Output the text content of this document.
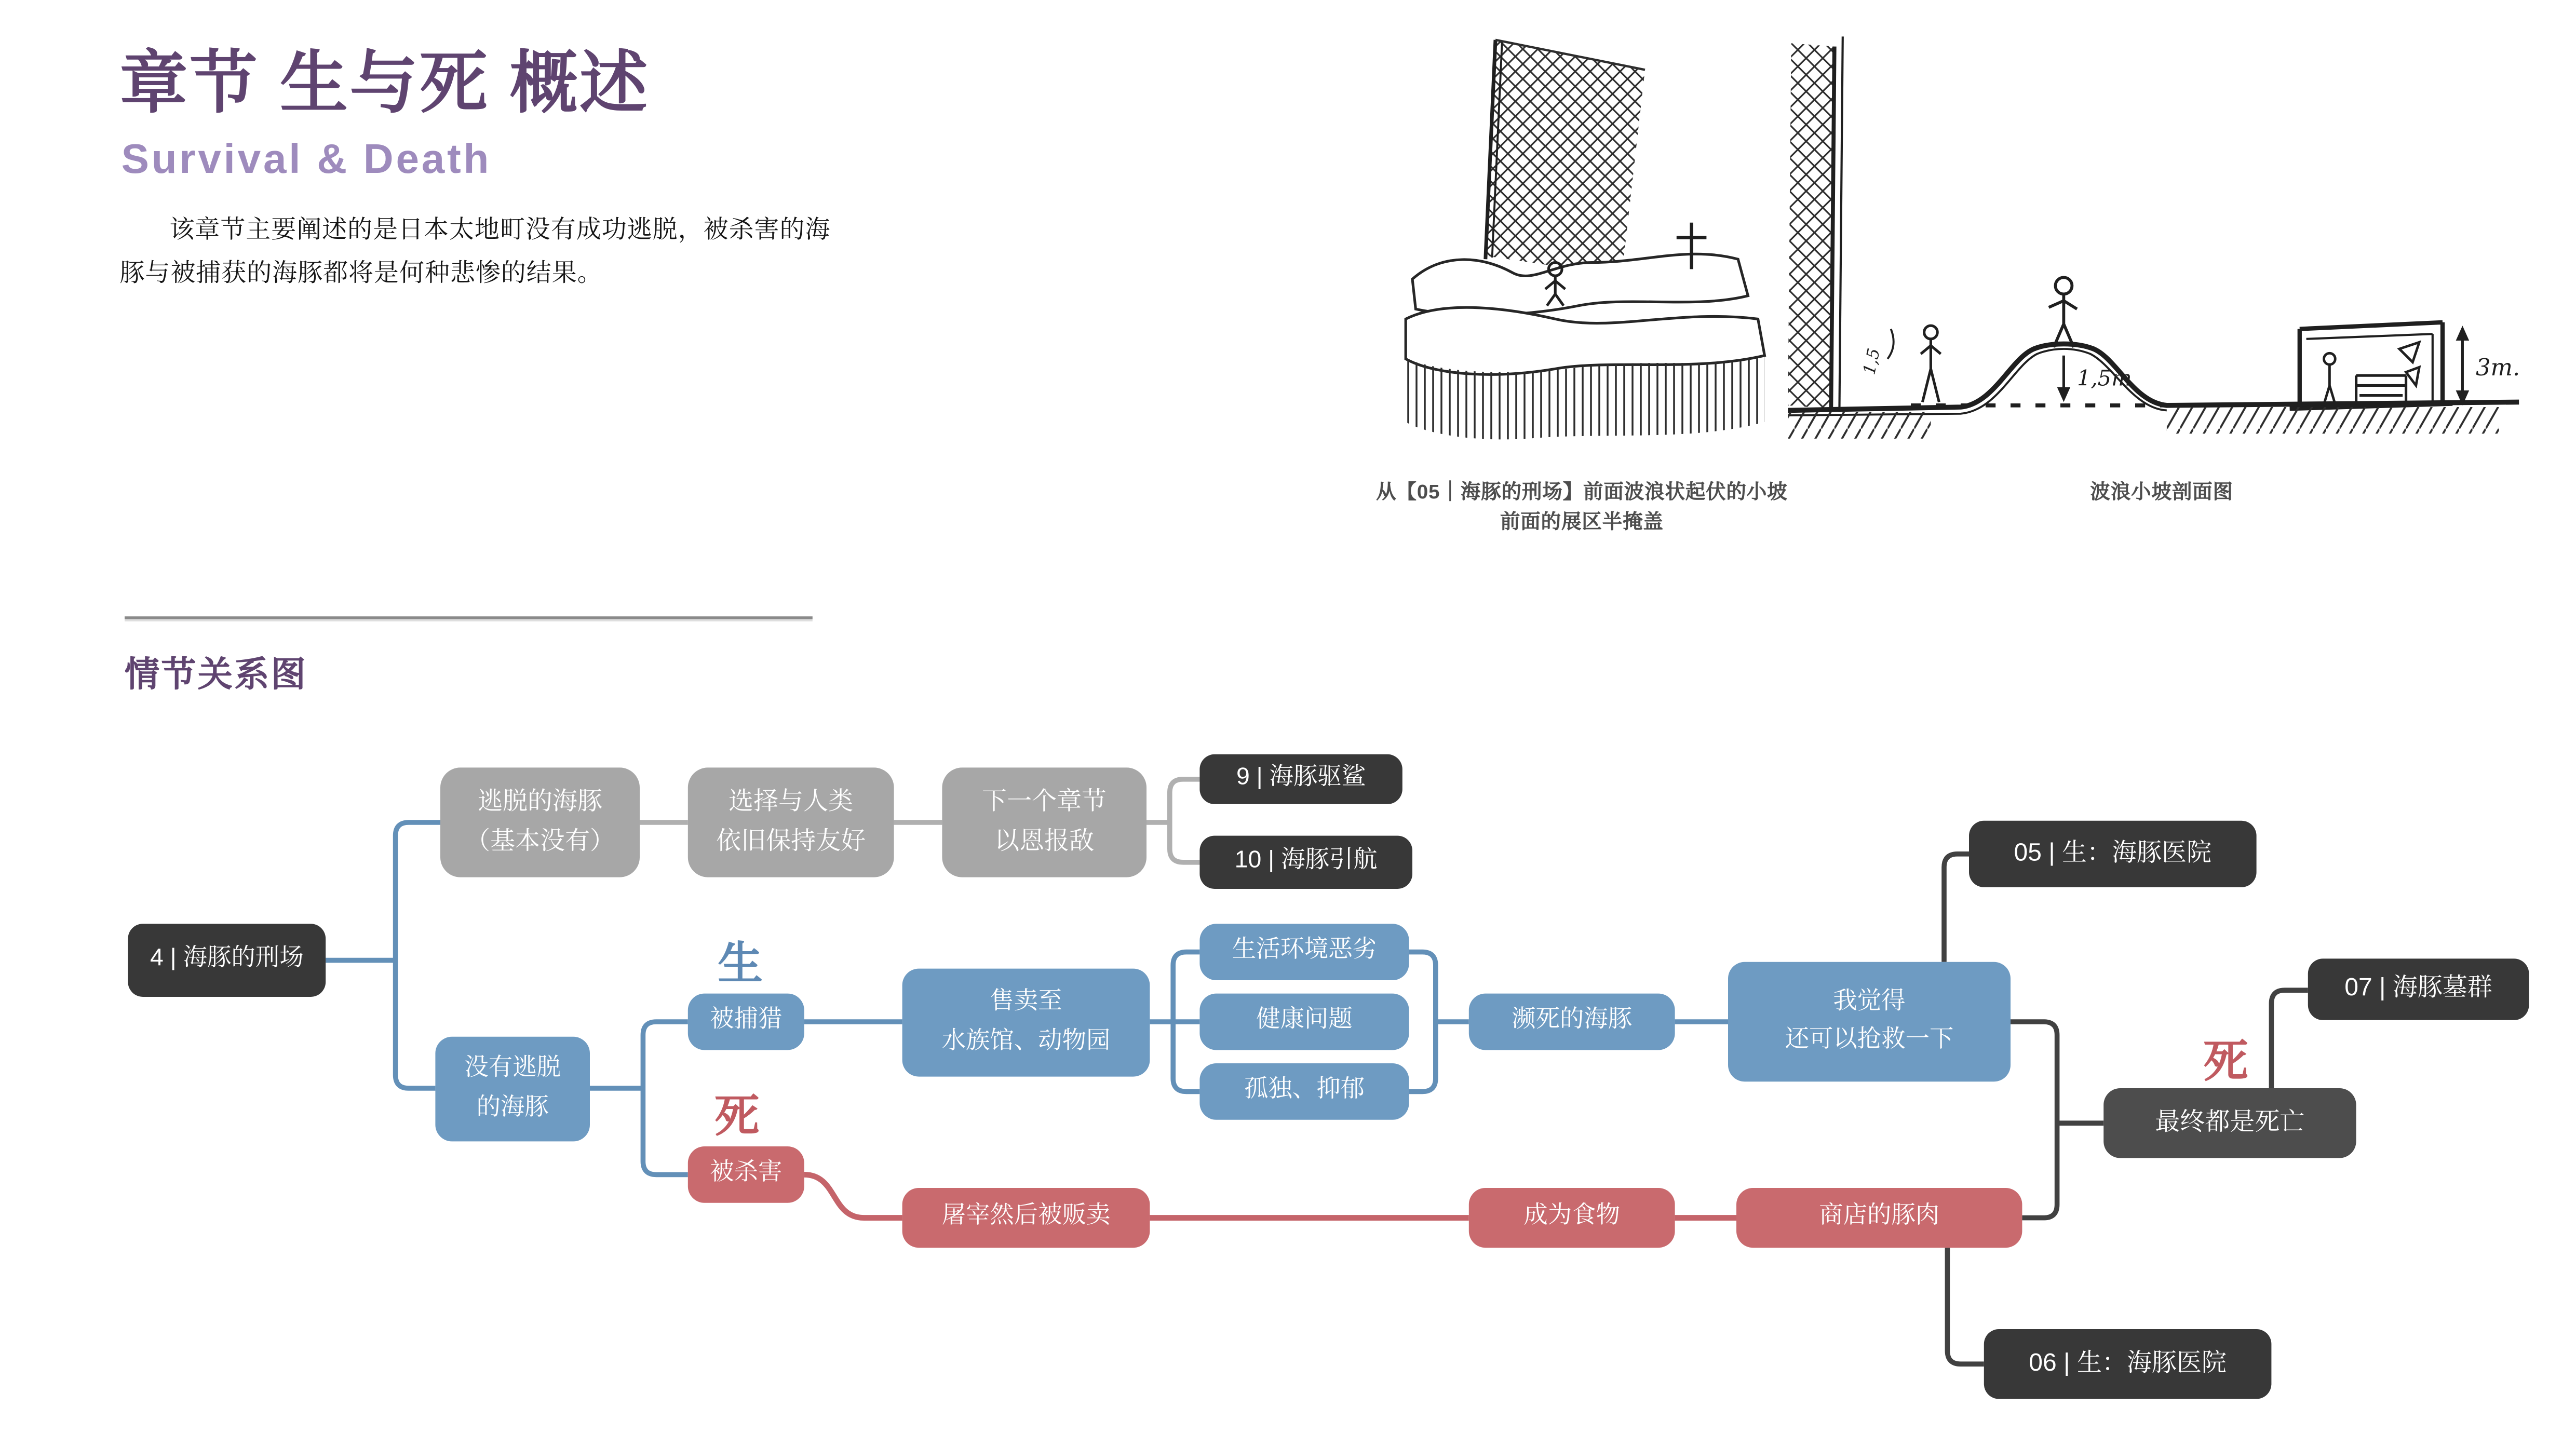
章节 生与死 概述
Survival & Death
该章节主要阐述的是日本太地町没有成功逃脱，被杀害的海豚与被捕获的海豚都将是何种悲惨的结果。
1,5m
1,5	3m.
从【05｜海豚的刑场】前面波浪状起伏的小坡
前面的展区半掩盖
波浪小坡剖面图
情节关系图
4 | 海豚的刑场
逃脱的海豚
（基本没有）
选择与人类
依旧保持友好
下一个章节
以恩报敌
9 | 海豚驱鲨
10 | 海豚引航
没有逃脱
的海豚
生
死
被捕猎
售卖至
水族馆、动物园
生活环境恶劣
健康问题
孤独、抑郁
濒死的海豚
我觉得
还可以抢救一下
05 | 生：海豚医院
07 | 海豚墓群
死
最终都是死亡
06 | 生：海豚医院
被杀害
屠宰然后被贩卖	成为食物	商店的豚肉
